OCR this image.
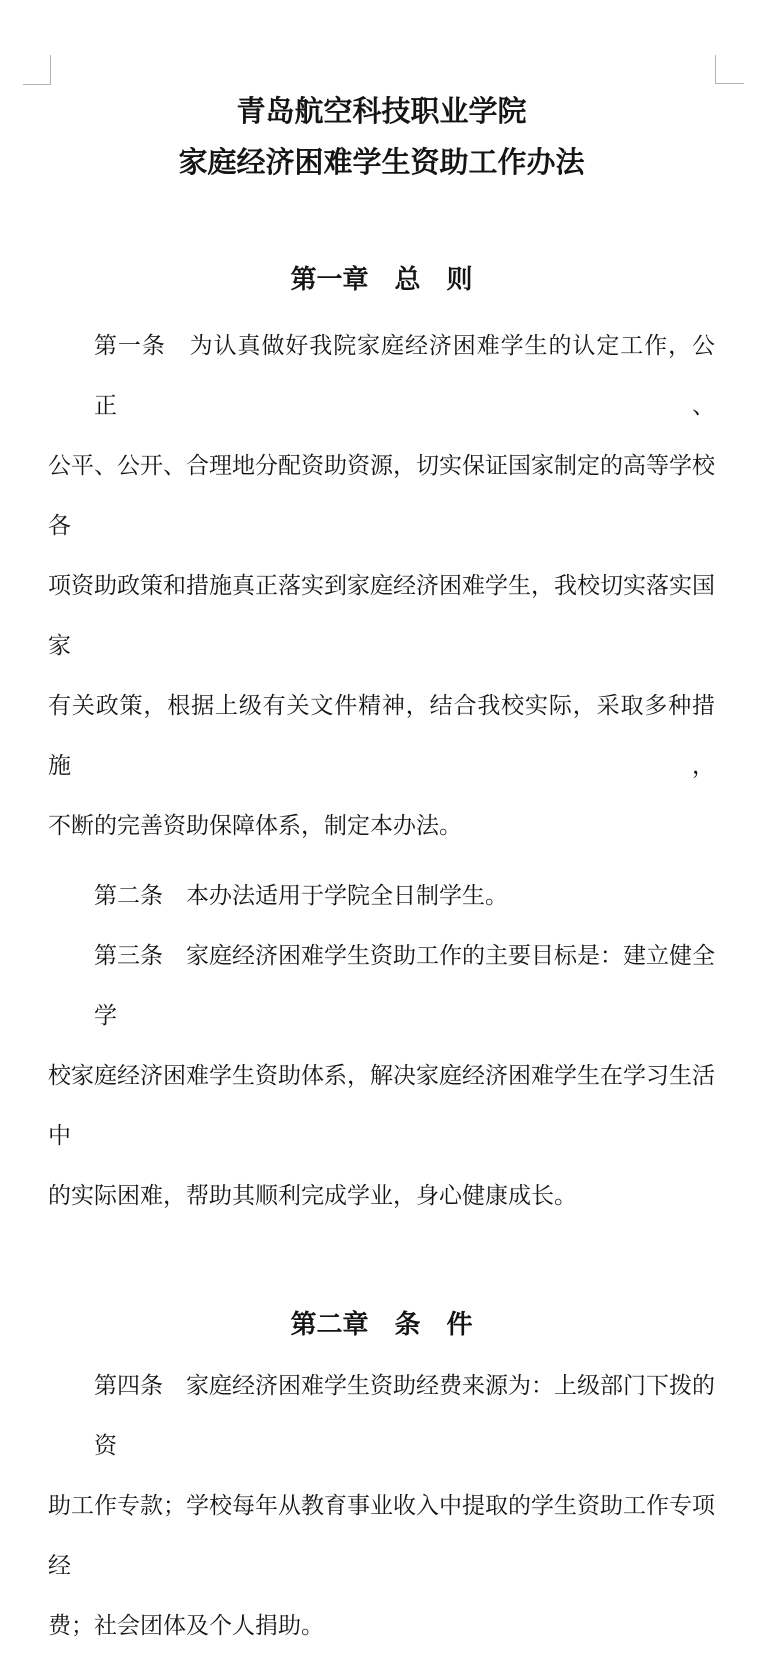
青岛航空科技职业学院
家庭经济困难学生资助工作办法
第一章　总　则
第一条　为认真做好我院家庭经济困难学生的认定工作，公正、
公平、公开、合理地分配资助资源，切实保证国家制定的高等学校各
项资助政策和措施真正落实到家庭经济困难学生，我校切实落实国家
有关政策，根据上级有关文件精神，结合我校实际，采取多种措施，
不断的完善资助保障体系，制定本办法。
第二条　本办法适用于学院全日制学生。
第三条　家庭经济困难学生资助工作的主要目标是：建立健全学
校家庭经济困难学生资助体系，解决家庭经济困难学生在学习生活中
的实际困难，帮助其顺利完成学业，身心健康成长。
第二章　条　件
第四条　家庭经济困难学生资助经费来源为：上级部门下拨的资
助工作专款；学校每年从教育事业收入中提取的学生资助工作专项经
费；社会团体及个人捐助。
